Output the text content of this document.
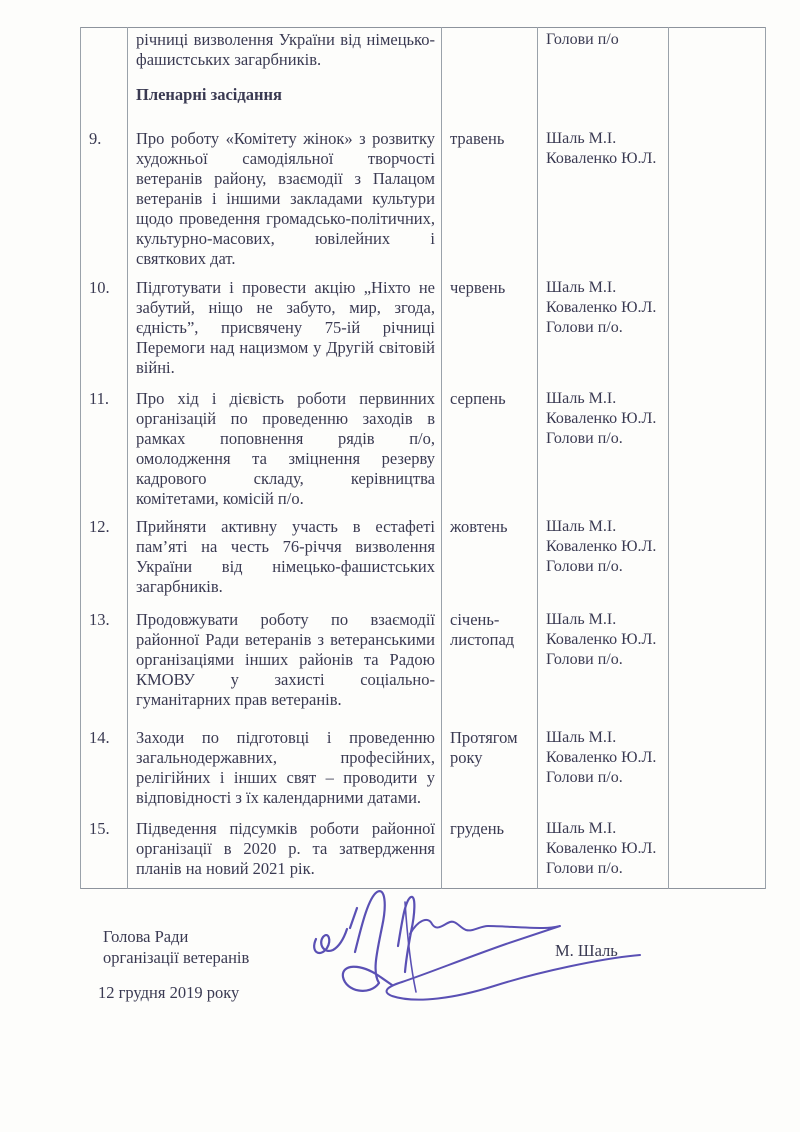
	річниці визволення України від німецько-фашистських загарбників.
Пленарні засідання		Голови п/о	

9.	Про роботу «Комітету жінок» з розвитку художньої самодіяльної творчості ветеранів району, взаємодії з Палацом ветеранів і іншими закладами культури щодо проведення громадсько-політичних, культурно-масових, ювілейних і святкових дат.	травень	Шаль М.І.
Коваленко Ю.Л.	

10.	Підготувати і провести акцію „Ніхто не забутий, ніщо не забуто, мир, згода, єдність”, присвячену 75-ій річниці Перемоги над нацизмом у Другій світовій війні.	червень	Шаль М.І.
Коваленко Ю.Л.
Голови п/о.	

11.	Про хід і дієвість роботи первинних організацій по проведенню заходів в рамках поповнення рядів п/о, омолодження та зміцнення резерву кадрового складу, керівництва комітетами, комісій п/о.	серпень	Шаль М.І.
Коваленко Ю.Л.
Голови п/о.	

12.	Прийняти активну участь в естафеті пам’яті на честь 76-річчя визволення України від німецько-фашистських загарбників.	жовтень	Шаль М.І.
Коваленко Ю.Л.
Голови п/о.	

13.	Продовжувати роботу по взаємодії районної Ради ветеранів з ветеранськими організаціями інших районів та Радою КМОВУ у захисті соціально-гуманітарних прав ветеранів.	січень-листопад	Шаль М.І.
Коваленко Ю.Л.
Голови п/о.	

14.	Заходи по підготовці і проведенню загальнодержавних, професійних, релігійних і інших свят – проводити у відповідності з їх календарними датами.	Протягом року	Шаль М.І.
Коваленко Ю.Л.
Голови п/о.	

15.	Підведення підсумків роботи районної організації в 2020 р. та затвердження планів на новий 2021 рік.	грудень	Шаль М.І.
Коваленко Ю.Л.
Голови п/о.	

Голова Ради
організації ветеранів
12 грудня 2019 року
М. Шаль
